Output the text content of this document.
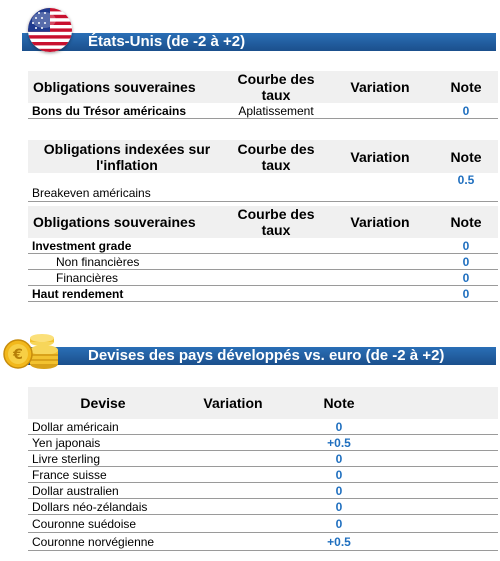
États-Unis (de -2 à +2)
Obligations souveraines	Courbe des taux	Variation	Note
Bons du Trésor américains	Aplatissement		0
Obligations indexées sur l'inflation	Courbe des taux	Variation	Note
Breakeven américains			0.5
Obligations souveraines	Courbe des taux	Variation	Note
Investment grade			0
Non financières			0
Financières			0
Haut rendement			0
Devises des pays développés vs. euro (de -2 à +2)
€
Devise	Variation	Note	
Dollar américain		0	
Yen japonais		+0.5	
Livre sterling		0	
France suisse		0	
Dollar australien		0	
Dollars néo-zélandais		0	
Couronne suédoise		0	
Couronne norvégienne		+0.5	
